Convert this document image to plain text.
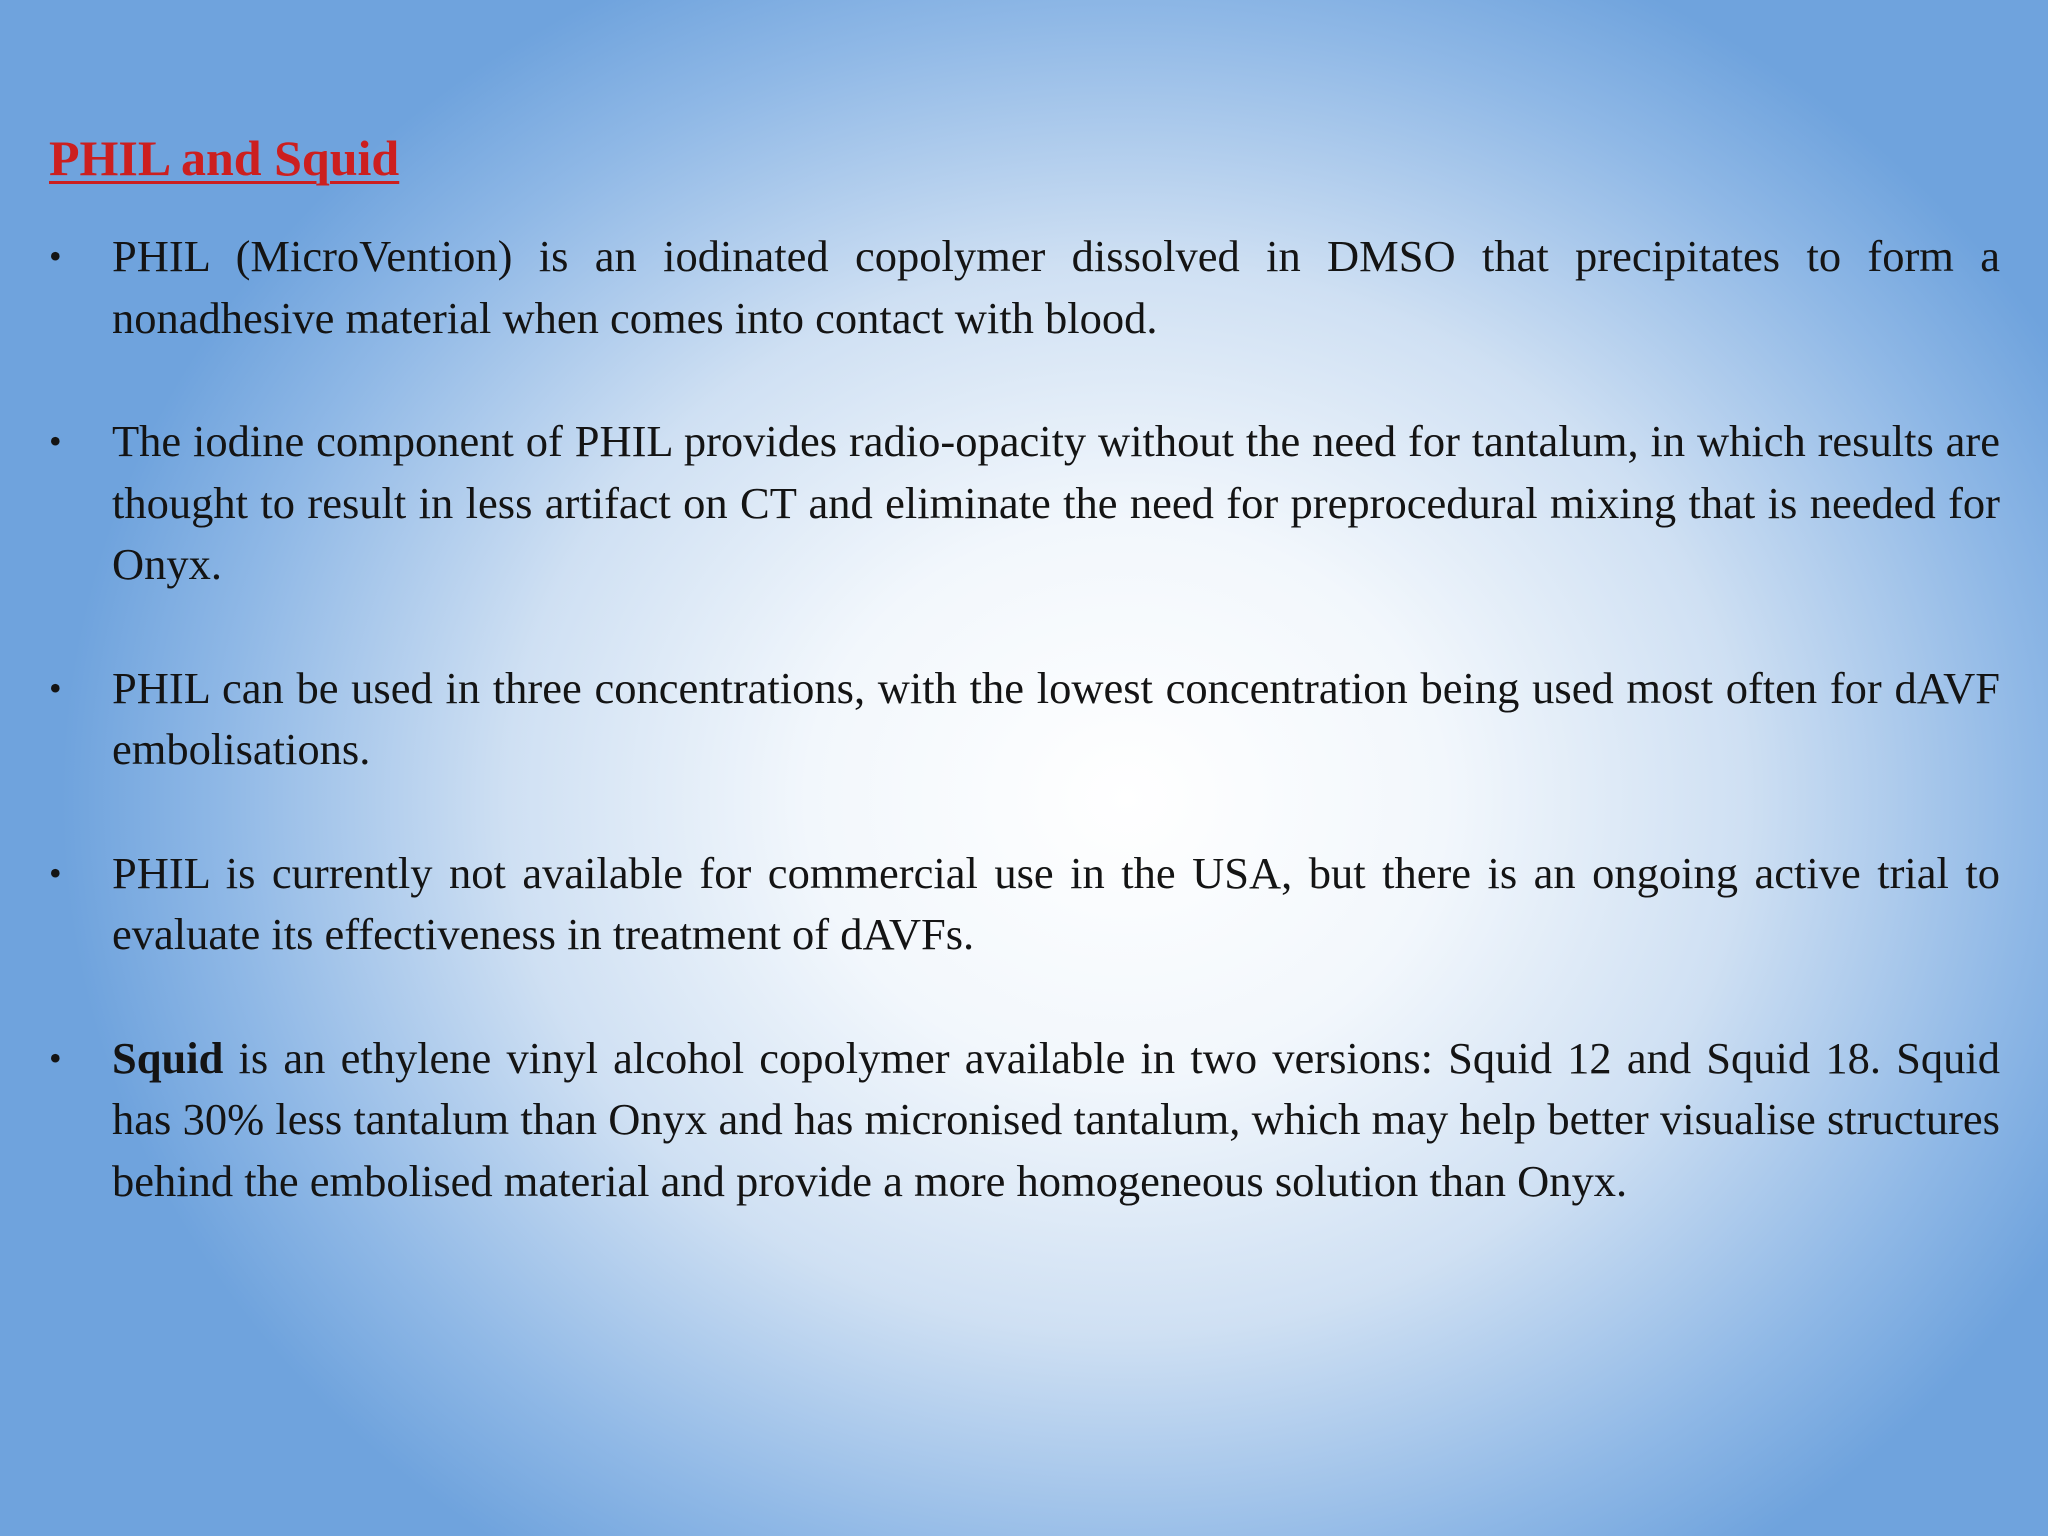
PHIL and Squid
• PHIL (MicroVention) is an iodinated copolymer dissolved in DMSO that precipitates to form a nonadhesive material when comes into contact with blood.
• The iodine component of PHIL provides radio-opacity without the need for tantalum, in which results are thought to result in less artifact on CT and eliminate the need for preprocedural mixing that is needed for Onyx.
• PHIL can be used in three concentrations, with the lowest concentration being used most often for dAVF embolisations.
• PHIL is currently not available for commercial use in the USA, but there is an ongoing active trial to evaluate its effectiveness in treatment of dAVFs.
• Squid is an ethylene vinyl alcohol copolymer available in two versions: Squid 12 and Squid 18. Squid has 30% less tantalum than Onyx and has micronised tantalum, which may help better visualise structures behind the embolised material and provide a more homogeneous solution than Onyx.
